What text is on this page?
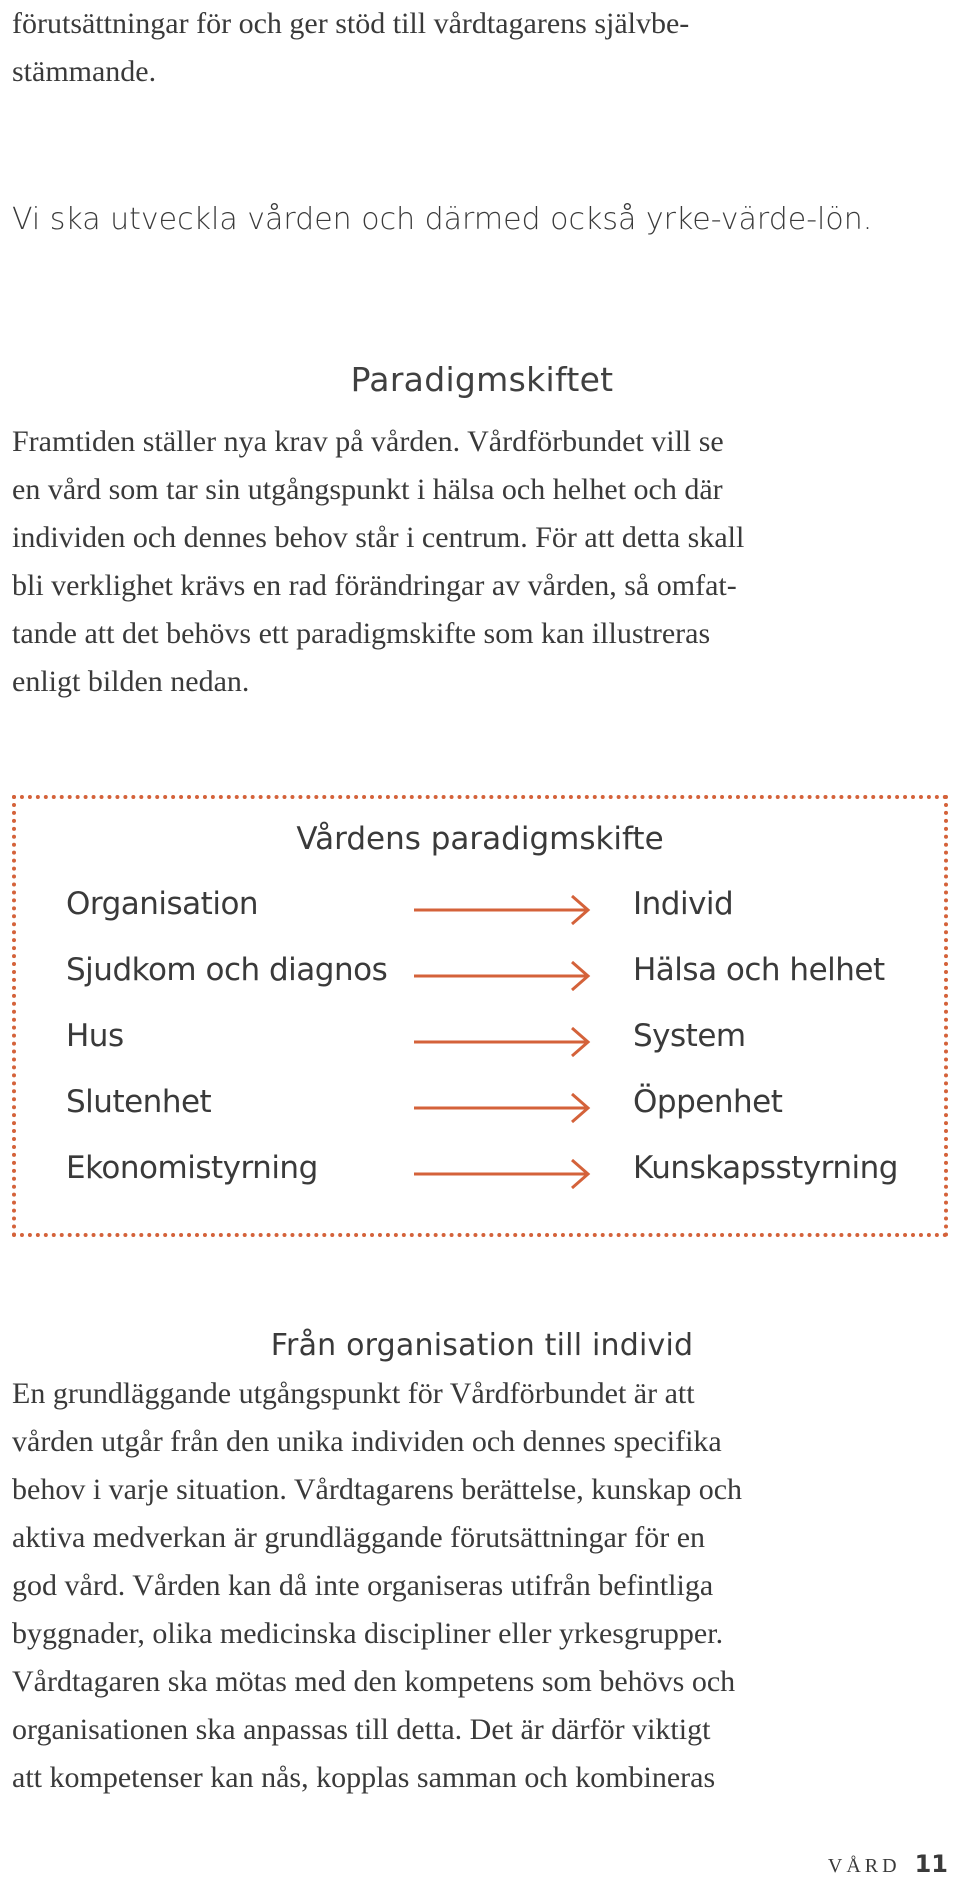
förutsättningar för och ger stöd till vårdtagarens självbe-
stämmande.
Vi ska utveckla vården och därmed också yrke-värde-lön.
Paradigmskiftet
Framtiden ställer nya krav på vården. Vårdförbundet vill se
en vård som tar sin utgångspunkt i hälsa och helhet och där
individen och dennes behov står i centrum. För att detta skall
bli verklighet krävs en rad förändringar av vården, så omfat-
tande att det behövs ett paradigmskifte som kan illustreras
enligt bilden nedan.
Vårdens paradigmskifte
Organisation	Individ
Sjudkom och diagnos	Hälsa och helhet
Hus	System
Slutenhet	Öppenhet
Ekonomistyrning	Kunskapsstyrning
Från organisation till individ
En grundläggande utgångspunkt för Vårdförbundet är att
vården utgår från den unika individen och dennes specifika
behov i varje situation. Vårdtagarens berättelse, kunskap och
aktiva medverkan är grundläggande förutsättningar för en
god vård. Vården kan då inte organiseras utifrån befintliga
byggnader, olika medicinska discipliner eller yrkesgrupper.
Vårdtagaren ska mötas med den kompetens som behövs och
organisationen ska anpassas till detta. Det är därför viktigt
att kompetenser kan nås, kopplas samman och kombineras
VÅRD 11
